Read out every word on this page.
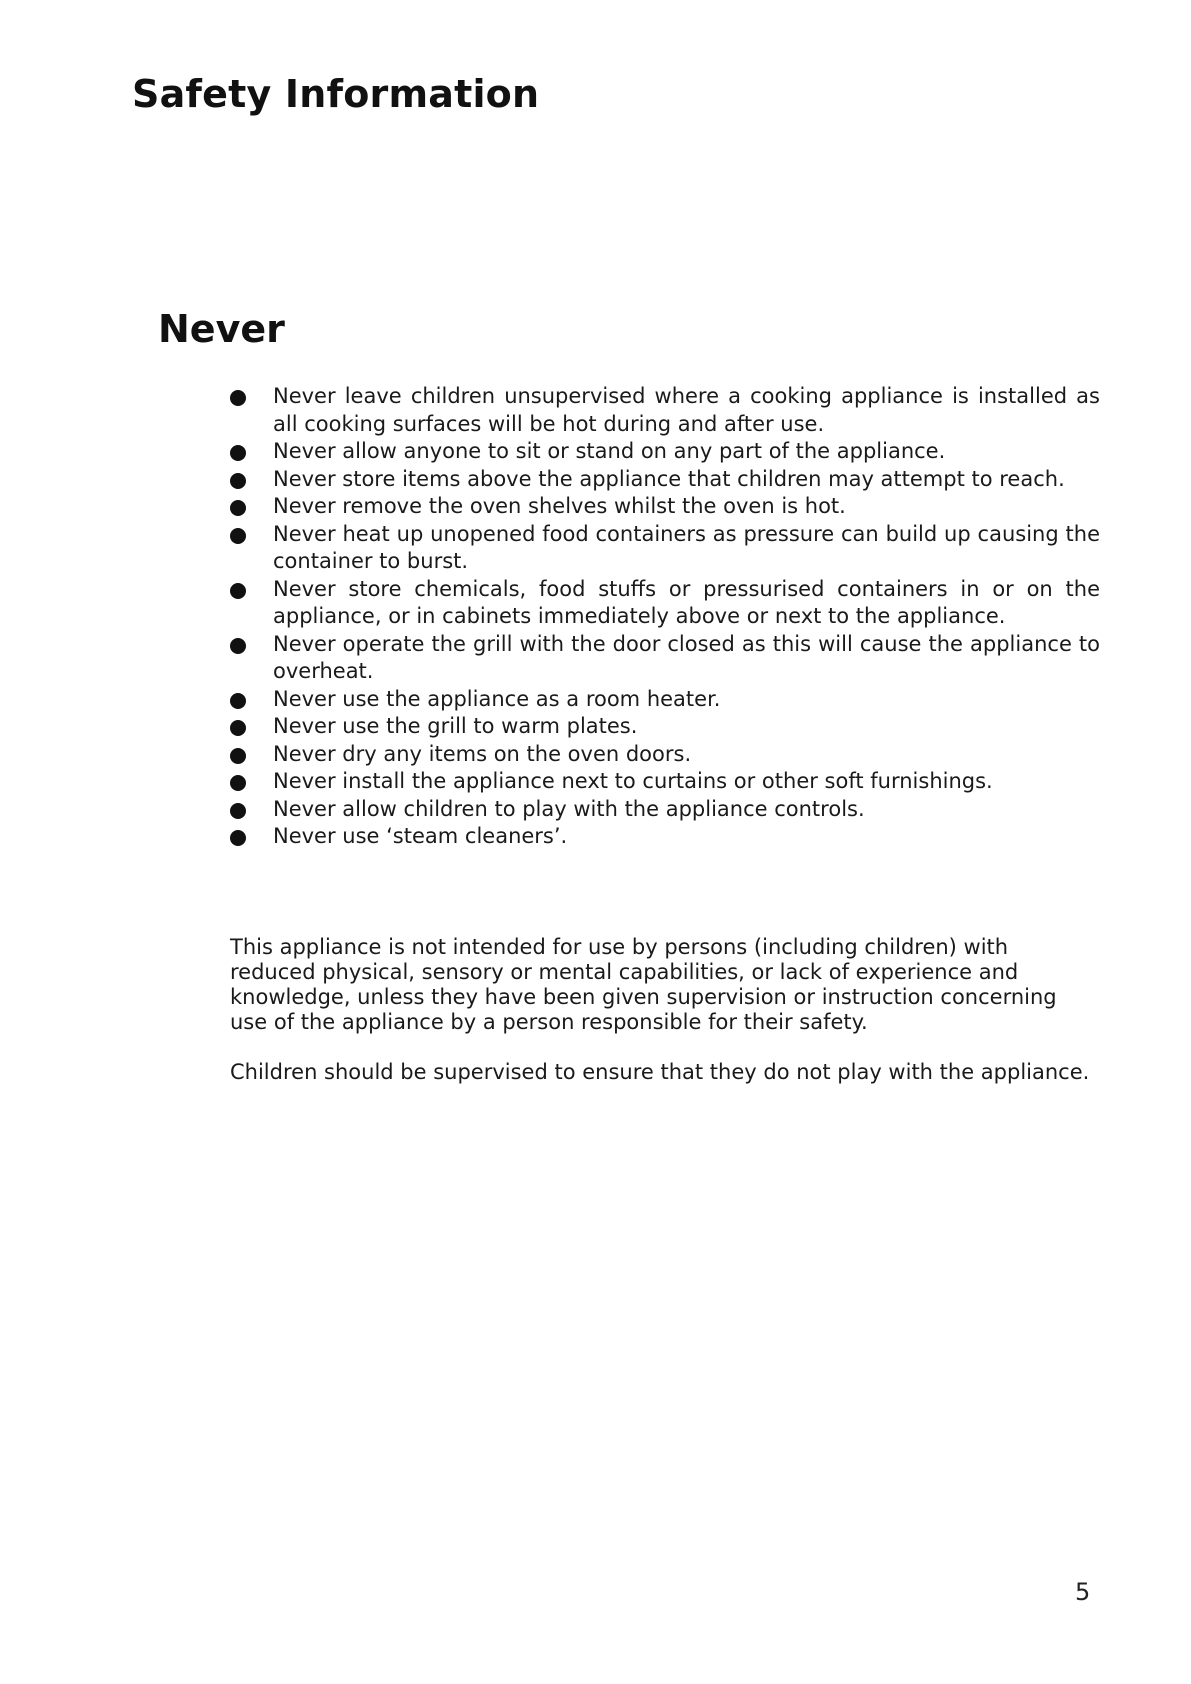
Safety Information
Never
Never leave children unsupervised where a cooking appliance is installed as all cooking surfaces will be hot during and after use.
Never allow anyone to sit or stand on any part of the appliance.
Never store items above the appliance that children may attempt to reach.
Never remove the oven shelves whilst the oven is hot.
Never heat up unopened food containers as pressure can build up causing the container to burst.
Never store chemicals, food stuffs or pressurised containers in or on the appliance, or in cabinets immediately above or next to the appliance.
Never operate the grill with the door closed as this will cause the appliance to overheat.
Never use the appliance as a room heater.
Never use the grill to warm plates.
Never dry any items on the oven doors.
Never install the appliance next to curtains or other soft furnishings.
Never allow children to play with the appliance controls.
Never use ‘steam cleaners’.

This appliance is not intended for use by persons (including children) with reduced physical, sensory or mental capabilities, or lack of experience and knowledge, unless they have been given supervision or instruction concerning use of the appliance by a person responsible for their safety.

Children should be supervised to ensure that they do not play with the appliance.

5
